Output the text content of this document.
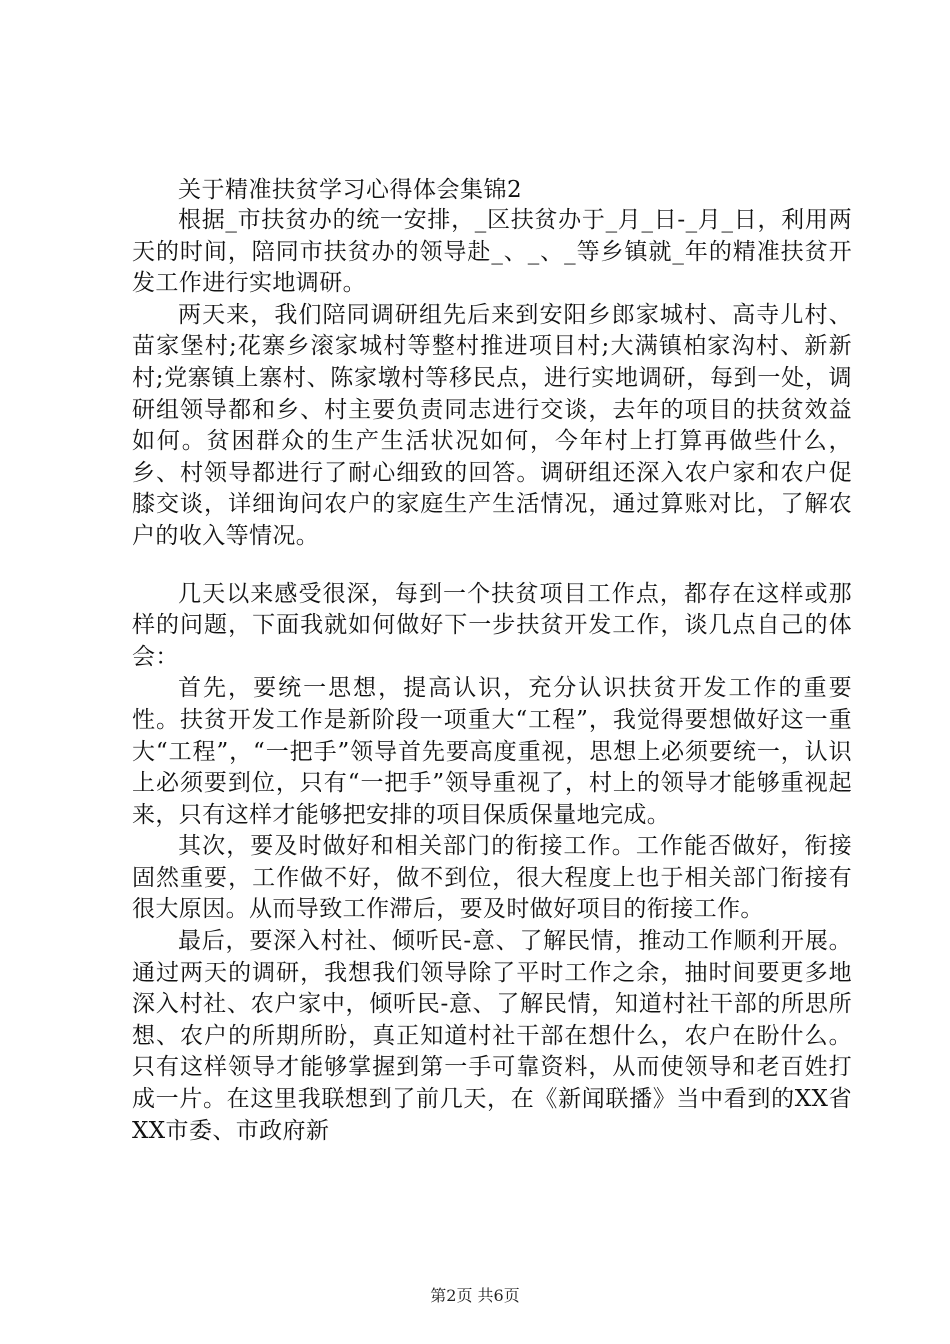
关于精准扶贫学习心得体会集锦2

根据_市扶贫办的统一安排，_区扶贫办于_月_日-_月_日，利用两天的时间，陪同市扶贫办的领导赴_、_、_等乡镇就_年的精准扶贫开发工作进行实地调研。

两天来，我们陪同调研组先后来到安阳乡郎家城村、高寺儿村、苗家堡村;花寨乡滚家城村等整村推进项目村;大满镇柏家沟村、新新村;党寨镇上寨村、陈家墩村等移民点，进行实地调研，每到一处，调研组领导都和乡、村主要负责同志进行交谈，去年的项目的扶贫效益如何。贫困群众的生产生活状况如何，今年村上打算再做些什么，乡、村领导都进行了耐心细致的回答。调研组还深入农户家和农户促膝交谈，详细询问农户的家庭生产生活情况，通过算账对比，了解农户的收入等情况。

几天以来感受很深，每到一个扶贫项目工作点，都存在这样或那样的问题，下面我就如何做好下一步扶贫开发工作，谈几点自己的体会：

首先，要统一思想，提高认识，充分认识扶贫开发工作的重要性。扶贫开发工作是新阶段一项重大“工程”，我觉得要想做好这一重大“工程”，“一把手”领导首先要高度重视，思想上必须要统一，认识上必须要到位，只有“一把手”领导重视了，村上的领导才能够重视起来，只有这样才能够把安排的项目保质保量地完成。

其次，要及时做好和相关部门的衔接工作。工作能否做好，衔接固然重要，工作做不好，做不到位，很大程度上也于相关部门衔接有很大原因。从而导致工作滞后，要及时做好项目的衔接工作。

最后，要深入村社、倾听民-意、了解民情，推动工作顺利开展。通过两天的调研，我想我们领导除了平时工作之余，抽时间要更多地深入村社、农户家中，倾听民-意、了解民情，知道村社干部的所思所想、农户的所期所盼，真正知道村社干部在想什么，农户在盼什么。只有这样领导才能够掌握到第一手可靠资料，从而使领导和老百姓打成一片。在这里我联想到了前几天，在《新闻联播》当中看到的XX省XX市委、市政府新

第2页 共6页
